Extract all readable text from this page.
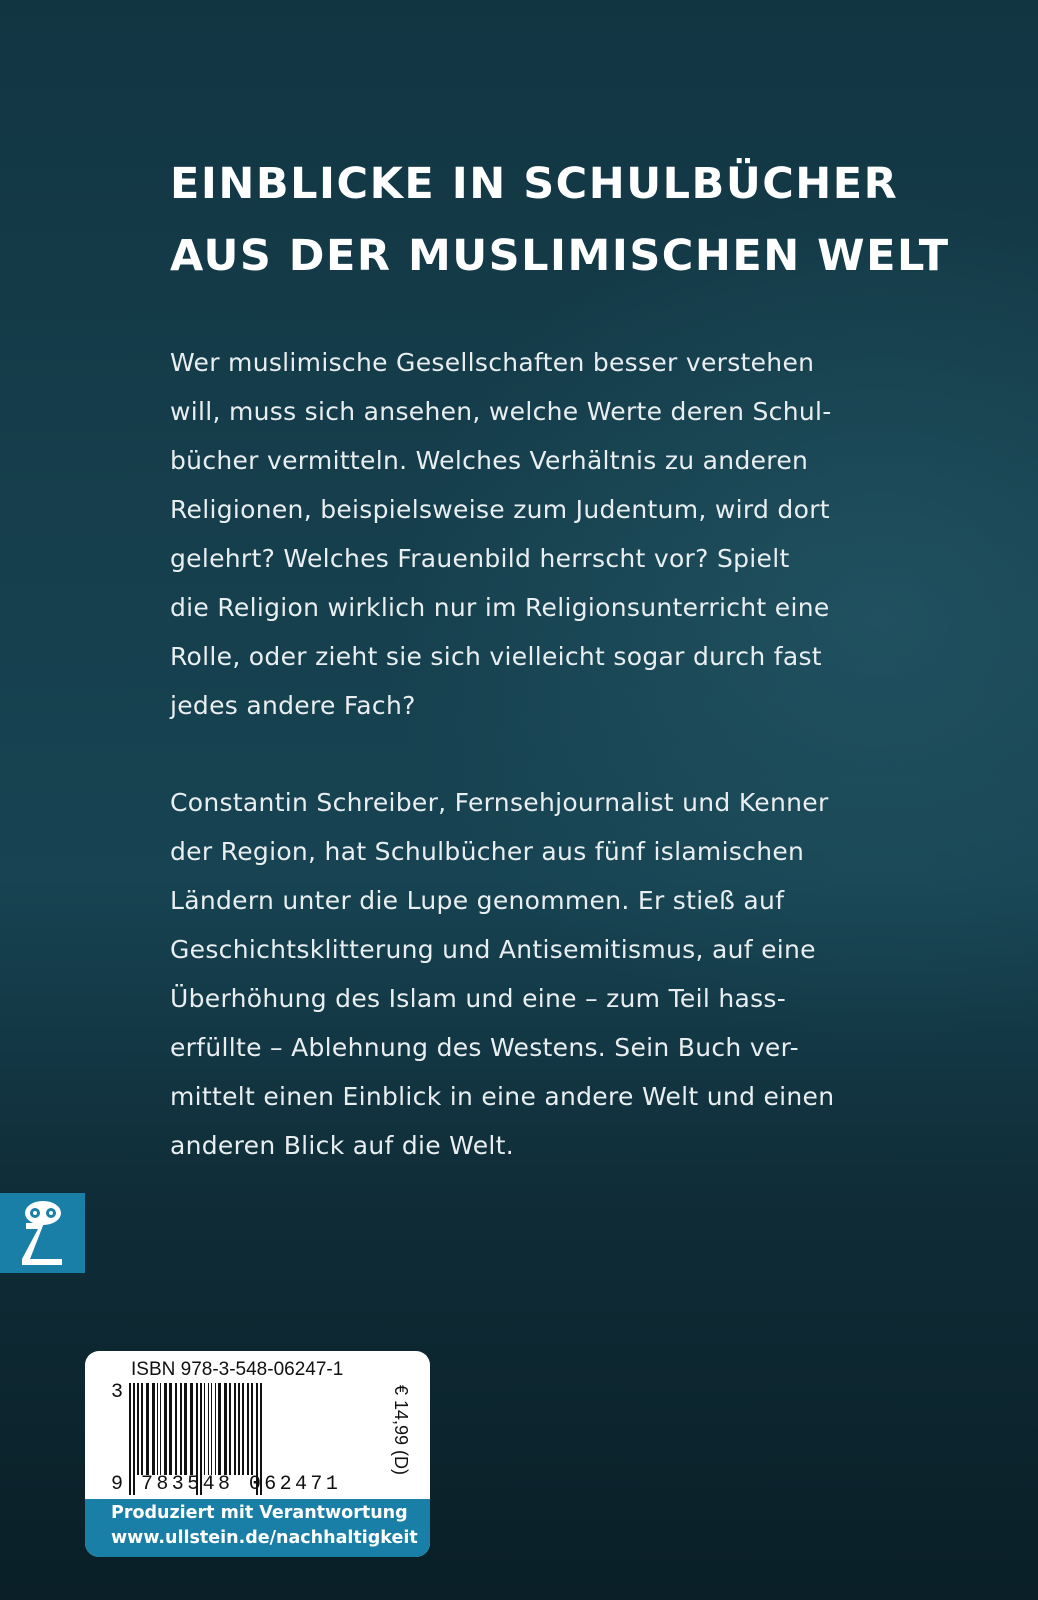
EINBLICKE IN SCHULBÜCHER
AUS DER MUSLIMISCHEN WELT

Wer muslimische Gesellschaften besser verstehen
will, muss sich ansehen, welche Werte deren Schul-
bücher vermitteln. Welches Verhältnis zu anderen
Religionen, beispielsweise zum Judentum, wird dort
gelehrt? Welches Frauenbild herrscht vor? Spielt
die Religion wirklich nur im Religionsunterricht eine
Rolle, oder zieht sie sich vielleicht sogar durch fast
jedes andere Fach?

Constantin Schreiber, Fernsehjournalist und Kenner
der Region, hat Schulbücher aus fünf islamischen
Ländern unter die Lupe genommen. Er stieß auf
Geschichtsklitterung und Antisemitismus, auf eine
Überhöhung des Islam und eine – zum Teil hass-
erfüllte – Ablehnung des Westens. Sein Buch ver-
mittelt einen Einblick in eine andere Welt und einen
anderen Blick auf die Welt.

ISBN 978-3-548-06247-1
3
9 783548 062471
€ 14,99 (D)
Produziert mit Verantwortung
www.ullstein.de/nachhaltigkeit
